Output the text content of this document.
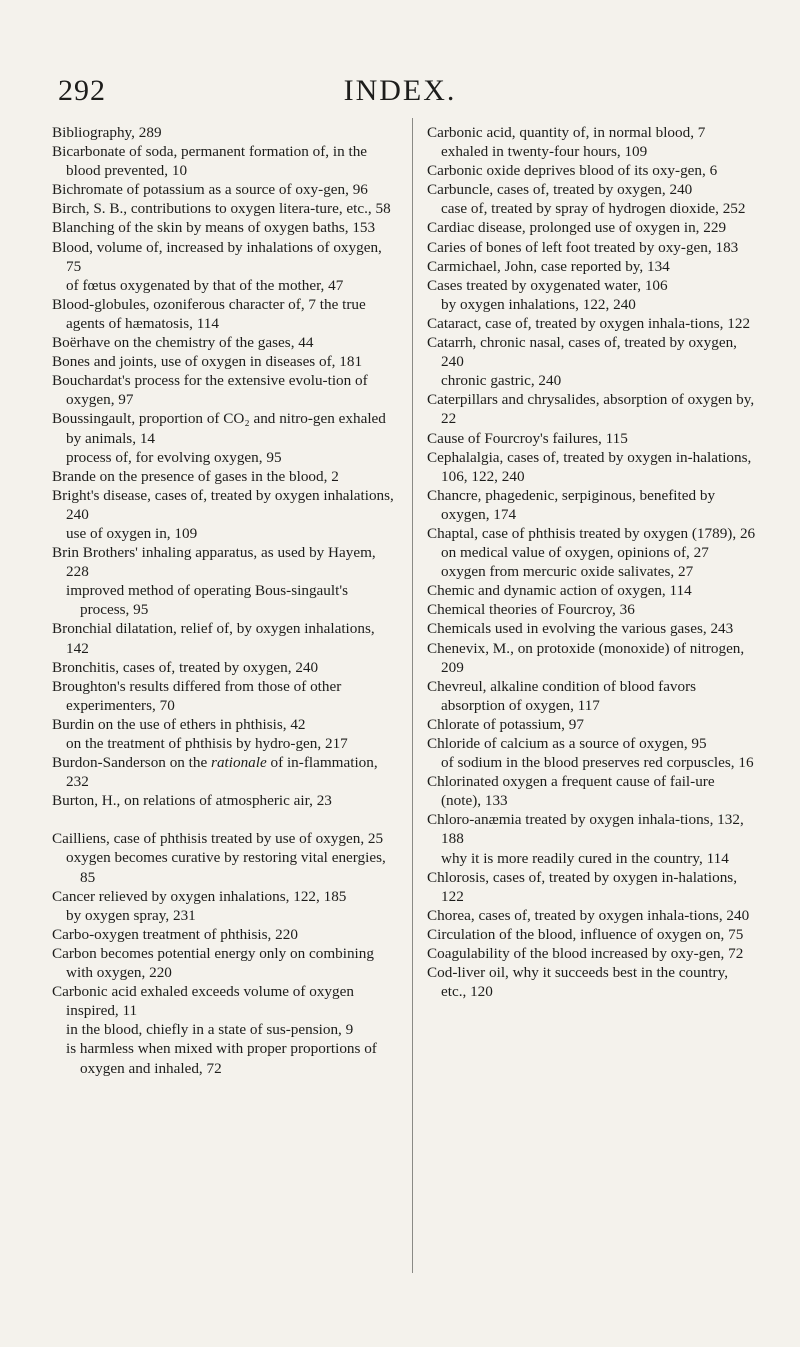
292	INDEX.
Bibliography, 289
Bicarbonate of soda, permanent formation of, in the blood prevented, 10
Bichromate of potassium as a source of oxy-gen, 96
Birch, S. B., contributions to oxygen litera-ture, etc., 58
Blanching of the skin by means of oxygen baths, 153
Blood, volume of, increased by inhalations of oxygen, 75
of fœtus oxygenated by that of the mother, 47
Blood-globules, ozoniferous character of, 7 the true agents of hæmatosis, 114
Boërhave on the chemistry of the gases, 44
Bones and joints, use of oxygen in diseases of, 181
Bouchardat's process for the extensive evolu-tion of oxygen, 97
Boussingault, proportion of CO₂ and nitro-gen exhaled by animals, 14
process of, for evolving oxygen, 95
Brande on the presence of gases in the blood, 2
Bright's disease, cases of, treated by oxygen inhalations, 240
use of oxygen in, 109
Brin Brothers' inhaling apparatus, as used by Hayem, 228
improved method of operating Bous-singault's process, 95
Bronchial dilatation, relief of, by oxygen inhalations, 142
Bronchitis, cases of, treated by oxygen, 240
Broughton's results differed from those of other experimenters, 70
Burdin on the use of ethers in phthisis, 42
on the treatment of phthisis by hydro-gen, 217
Burdon-Sanderson on the rationale of in-flammation, 232
Burton, H., on relations of atmospheric air, 23
Cailliens, case of phthisis treated by use of oxygen, 25
oxygen becomes curative by restoring vital energies, 85
Cancer relieved by oxygen inhalations, 122, 185
by oxygen spray, 231
Carbo-oxygen treatment of phthisis, 220
Carbon becomes potential energy only on combining with oxygen, 220
Carbonic acid exhaled exceeds volume of oxygen inspired, 11
in the blood, chiefly in a state of sus-pension, 9
is harmless when mixed with proper proportions of oxygen and inhaled, 72
Carbonic acid, quantity of, in normal blood, 7
exhaled in twenty-four hours, 109
Carbonic oxide deprives blood of its oxy-gen, 6
Carbuncle, cases of, treated by oxygen, 240
case of, treated by spray of hydrogen dioxide, 252
Cardiac disease, prolonged use of oxygen in, 229
Caries of bones of left foot treated by oxy-gen, 183
Carmichael, John, case reported by, 134
Cases treated by oxygenated water, 106
by oxygen inhalations, 122, 240
Cataract, case of, treated by oxygen inhala-tions, 122
Catarrh, chronic nasal, cases of, treated by oxygen, 240
chronic gastric, 240
Caterpillars and chrysalides, absorption of oxygen by, 22
Cause of Fourcroy's failures, 115
Cephalalgia, cases of, treated by oxygen in-halations, 106, 122, 240
Chancre, phagedenic, serpiginous, benefited by oxygen, 174
Chaptal, case of phthisis treated by oxygen (1789), 26
on medical value of oxygen, opinions of, 27
oxygen from mercuric oxide salivates, 27
Chemic and dynamic action of oxygen, 114
Chemical theories of Fourcroy, 36
Chemicals used in evolving the various gases, 243
Chenevix, M., on protoxide (monoxide) of nitrogen, 209
Chevreul, alkaline condition of blood favors absorption of oxygen, 117
Chlorate of potassium, 97
Chloride of calcium as a source of oxygen, 95
of sodium in the blood preserves red corpuscles, 16
Chlorinated oxygen a frequent cause of fail-ure (note), 133
Chloro-anæmia treated by oxygen inhala-tions, 132, 188
why it is more readily cured in the country, 114
Chlorosis, cases of, treated by oxygen in-halations, 122
Chorea, cases of, treated by oxygen inhala-tions, 240
Circulation of the blood, influence of oxygen on, 75
Coagulability of the blood increased by oxy-gen, 72
Cod-liver oil, why it succeeds best in the country, etc., 120
